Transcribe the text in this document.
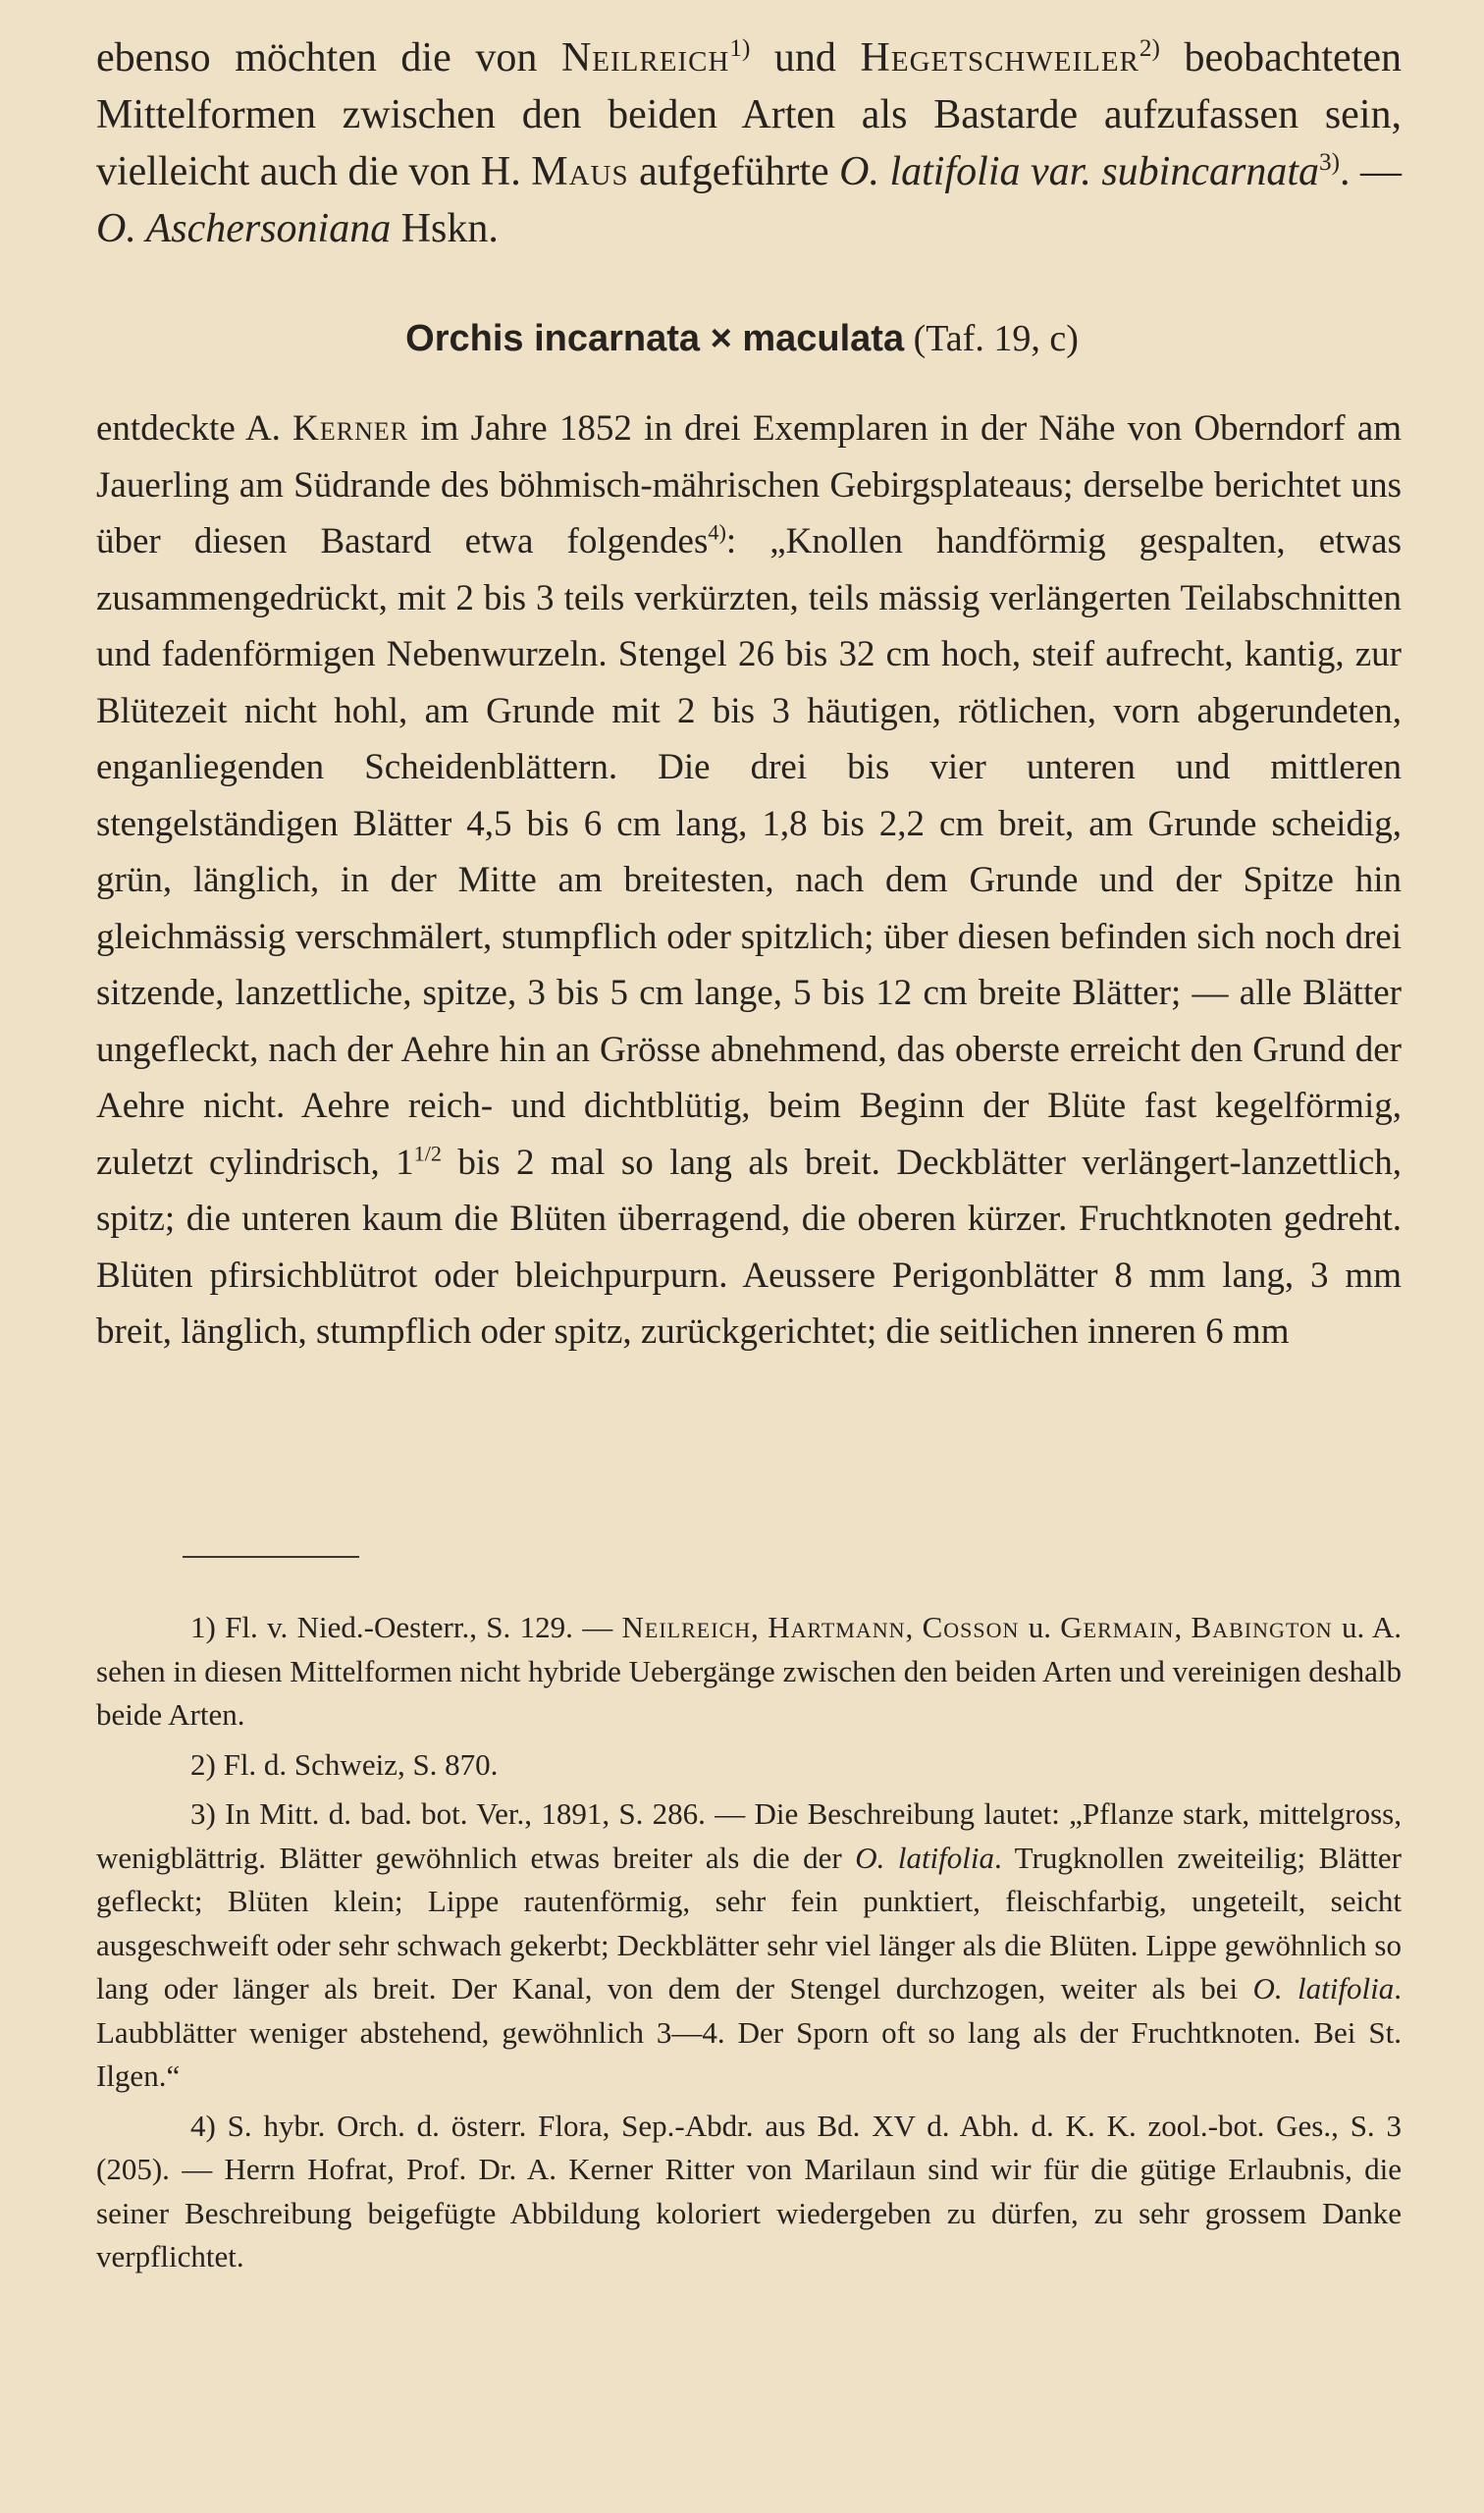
ebenso möchten die von Neilreich$^{1)}$ und Hegetschweiler$^{2)}$ beobachteten Mittelformen zwischen den beiden Arten als Bastarde aufzufassen sein, vielleicht auch die von H. Maus aufgeführte O. latifolia var. subincarnata$^{3)}$. — O. Aschersoniana Hskn.

Orchis incarnata × maculata (Taf. 19, c)

entdeckte A. Kerner im Jahre 1852 in drei Exemplaren in der Nähe von Oberndorf am Jauerling am Südrande des böhmisch-mährischen Gebirgsplateaus; derselbe berichtet uns über diesen Bastard etwa folgendes$^{4)}$: „Knollen handförmig gespalten, etwas zusammengedrückt, mit 2 bis 3 teils verkürzten, teils mässig verlängerten Teilabschnitten und fadenförmigen Nebenwurzeln. Stengel 26 bis 32 cm hoch, steif aufrecht, kantig, zur Blütezeit nicht hohl, am Grunde mit 2 bis 3 häutigen, rötlichen, vorn abgerundeten, enganliegenden Scheidenblättern. Die drei bis vier unteren und mittleren stengelständigen Blätter 4,5 bis 6 cm lang, 1,8 bis 2,2 cm breit, am Grunde scheidig, grün, länglich, in der Mitte am breitesten, nach dem Grunde und der Spitze hin gleichmässig verschmälert, stumpflich oder spitzlich; über diesen befinden sich noch drei sitzende, lanzettliche, spitze, 3 bis 5 cm lange, 5 bis 12 cm breite Blätter; — alle Blätter ungefleckt, nach der Aehre hin an Grösse abnehmend, das oberste erreicht den Grund der Aehre nicht. Aehre reich- und dichtblütig, beim Beginn der Blüte fast kegelförmig, zuletzt cylindrisch, $1^{1/2}$ bis 2 mal so lang als breit. Deckblätter verlängert-lanzettlich, spitz; die unteren kaum die Blüten überragend, die oberen kürzer. Fruchtknoten gedreht. Blüten pfirsichblütrot oder bleichpurpurn. Aeussere Perigonblätter 8 mm lang, 3 mm breit, länglich, stumpflich oder spitz, zurückgerichtet; die seitlichen inneren 6 mm

1) Fl. v. Nied.-Oesterr., S. 129. — Neilreich, Hartmann, Cosson u. Germain, Babington u. A. sehen in diesen Mittelformen nicht hybride Uebergänge zwischen den beiden Arten und vereinigen deshalb beide Arten.

2) Fl. d. Schweiz, S. 870.

3) In Mitt. d. bad. bot. Ver., 1891, S. 286. — Die Beschreibung lautet: „Pflanze stark, mittelgross, wenigblättrig. Blätter gewöhnlich etwas breiter als die der O. latifolia. Trugknollen zweiteilig; Blätter gefleckt; Blüten klein; Lippe rautenförmig, sehr fein punktiert, fleischfarbig, ungeteilt, seicht ausgeschweift oder sehr schwach gekerbt; Deckblätter sehr viel länger als die Blüten. Lippe gewöhnlich so lang oder länger als breit. Der Kanal, von dem der Stengel durchzogen, weiter als bei O. latifolia. Laubblätter weniger abstehend, gewöhnlich 3—4. Der Sporn oft so lang als der Fruchtknoten. Bei St. Ilgen.“

4) S. hybr. Orch. d. österr. Flora, Sep.-Abdr. aus Bd. XV d. Abh. d. K. K. zool.-bot. Ges., S. 3 (205). — Herrn Hofrat, Prof. Dr. A. Kerner Ritter von Marilaun sind wir für die gütige Erlaubnis, die seiner Beschreibung beigefügte Abbildung koloriert wiedergeben zu dürfen, zu sehr grossem Danke verpflichtet.
